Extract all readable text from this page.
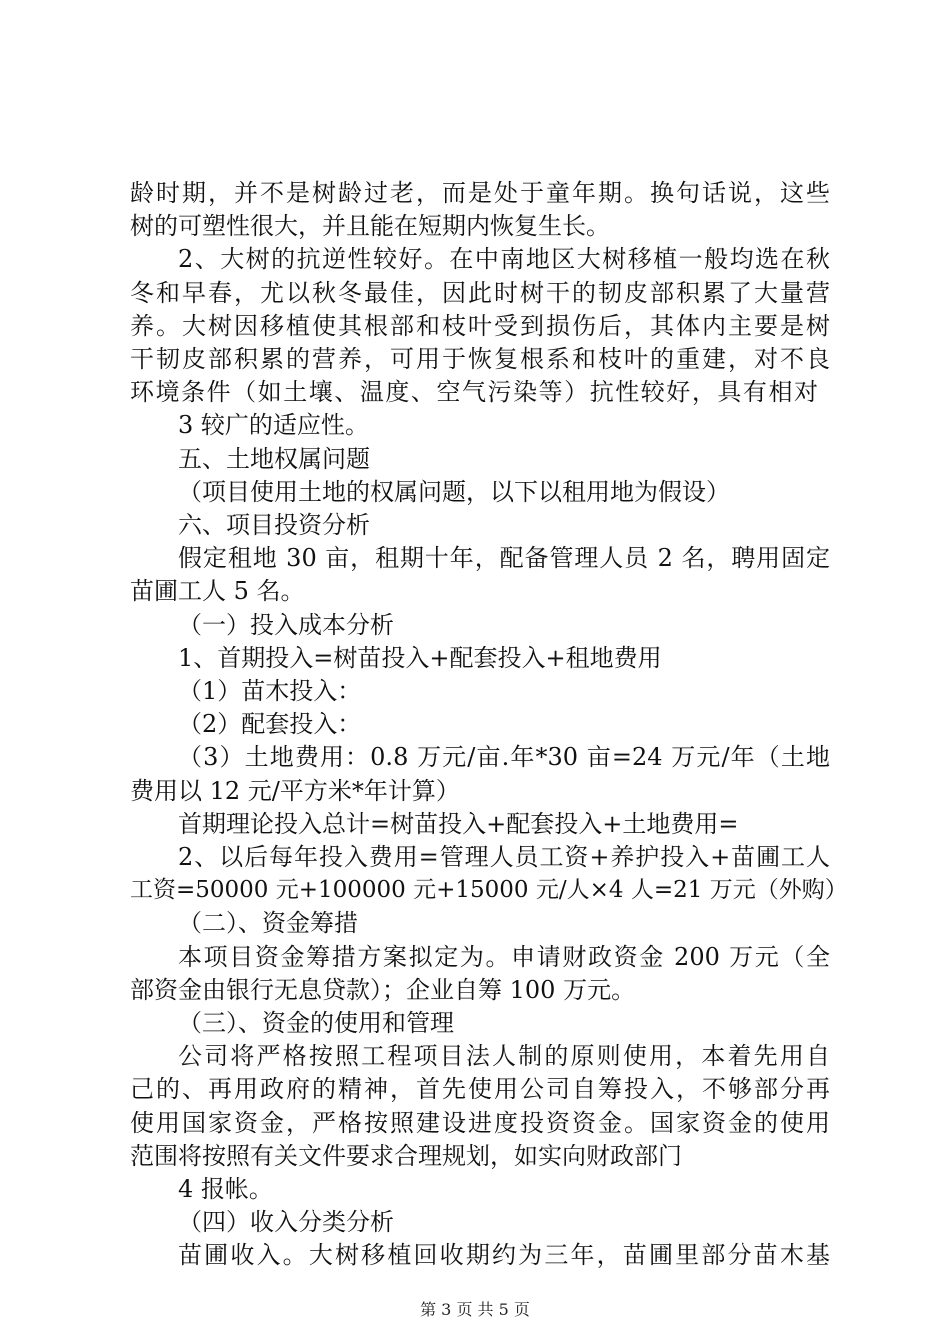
龄时期，并不是树龄过老，而是处于童年期。换句话说，这些
树的可塑性很大，并且能在短期内恢复生长。
2、大树的抗逆性较好。在中南地区大树移植一般均选在秋
冬和早春，尤以秋冬最佳，因此时树干的韧皮部积累了大量营
养。大树因移植使其根部和枝叶受到损伤后，其体内主要是树
干韧皮部积累的营养，可用于恢复根系和枝叶的重建，对不良
环境条件（如土壤、温度、空气污染等）抗性较好，具有相对
3 较广的适应性。
五、土地权属问题
（项目使用土地的权属问题，以下以租用地为假设）
六、项目投资分析
假定租地 30 亩，租期十年，配备管理人员 2 名，聘用固定
苗圃工人 5 名。
（一）投入成本分析
1、首期投入=树苗投入+配套投入+租地费用
（1）苗木投入：
（2）配套投入：
（3）土地费用：0.8 万元/亩.年*30 亩=24 万元/年（土地
费用以 12 元/平方米*年计算）
首期理论投入总计=树苗投入+配套投入+土地费用=
2、以后每年投入费用=管理人员工资+养护投入+苗圃工人
工资=50000 元+100000 元+15000 元/人×4 人=21 万元（外购）
（二）、资金筹措
本项目资金筹措方案拟定为。申请财政资金 200 万元（全
部资金由银行无息贷款）；企业自筹 100 万元。
（三）、资金的使用和管理
公司将严格按照工程项目法人制的原则使用，本着先用自
己的、再用政府的精神，首先使用公司自筹投入，不够部分再
使用国家资金，严格按照建设进度投资资金。国家资金的使用
范围将按照有关文件要求合理规划，如实向财政部门
4 报帐。
（四）收入分类分析
苗圃收入。大树移植回收期约为三年，苗圃里部分苗木基
第 3 页 共 5 页
